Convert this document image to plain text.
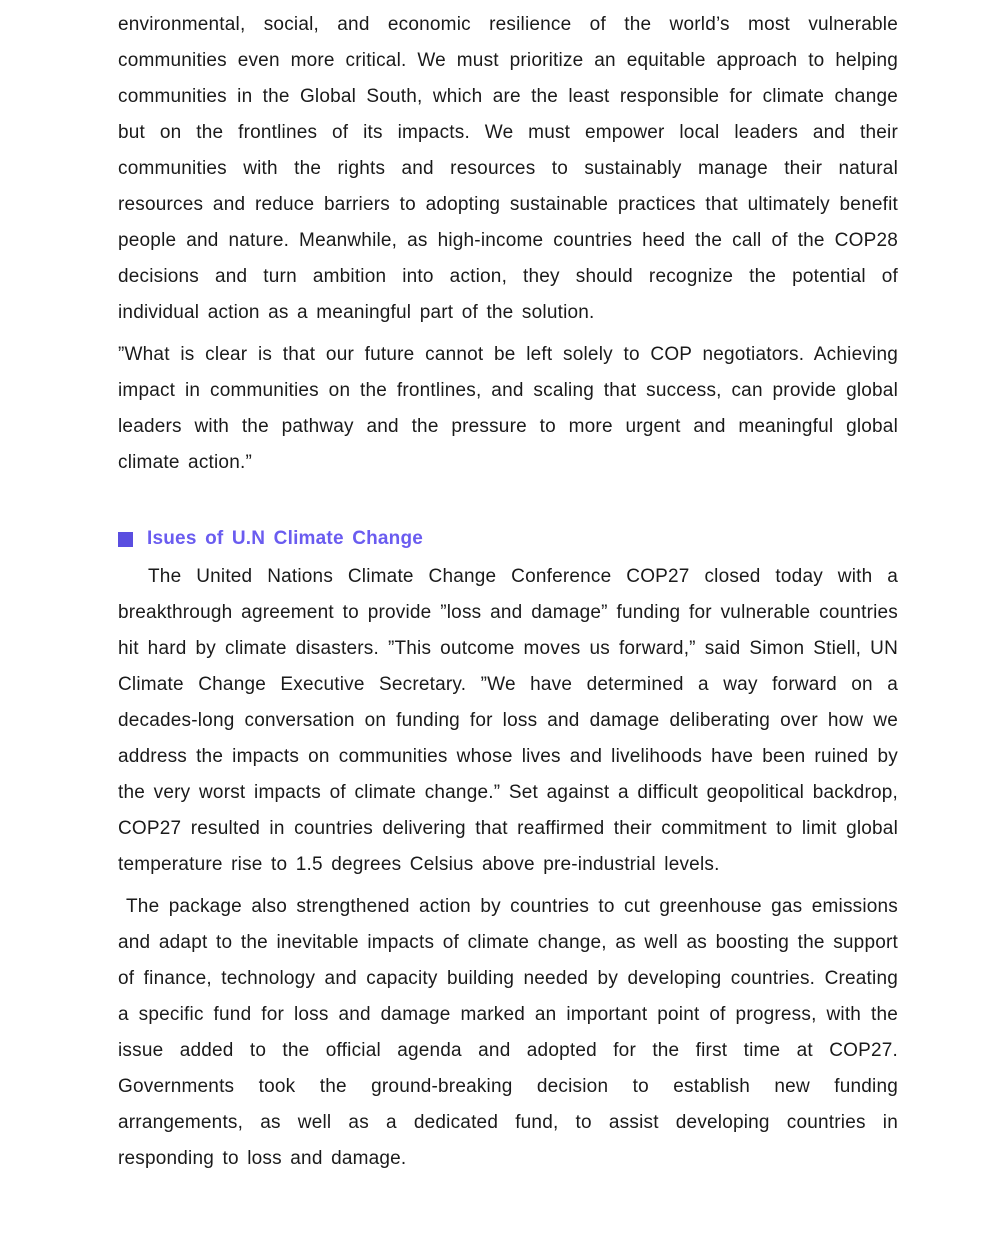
environmental, social, and economic resilience of the world’s most vulnerable communities even more critical. We must prioritize an equitable approach to helping communities in the Global South, which are the least responsible for climate change but on the frontlines of its impacts. We must empower local leaders and their communities with the rights and resources to sustainably manage their natural resources and reduce barriers to adopting sustainable practices that ultimately benefit people and nature. Meanwhile, as high-income countries heed the call of the COP28 decisions and turn ambition into action, they should recognize the potential of individual action as a meaningful part of the solution.

”What is clear is that our future cannot be left solely to COP negotiators. Achieving impact in communities on the frontlines, and scaling that success, can provide global leaders with the pathway and the pressure to more urgent and meaningful global climate action.”

Isues of U.N Climate Change

The United Nations Climate Change Conference COP27 closed today with a breakthrough agreement to provide ”loss and damage” funding for vulnerable countries hit hard by climate disasters. ”This outcome moves us forward,” said Simon Stiell, UN Climate Change Executive Secretary. ”We have determined a way forward on a decades-long conversation on funding for loss and damage deliberating over how we address the impacts on communities whose lives and livelihoods have been ruined by the very worst impacts of climate change.” Set against a difficult geopolitical backdrop, COP27 resulted in countries delivering that reaffirmed their commitment to limit global temperature rise to 1.5 degrees Celsius above pre-industrial levels.

The package also strengthened action by countries to cut greenhouse gas emissions and adapt to the inevitable impacts of climate change, as well as boosting the support of finance, technology and capacity building needed by developing countries. Creating a specific fund for loss and damage marked an important point of progress, with the issue added to the official agenda and adopted for the first time at COP27. Governments took the ground-breaking decision to establish new funding arrangements, as well as a dedicated fund, to assist developing countries in responding to loss and damage.
